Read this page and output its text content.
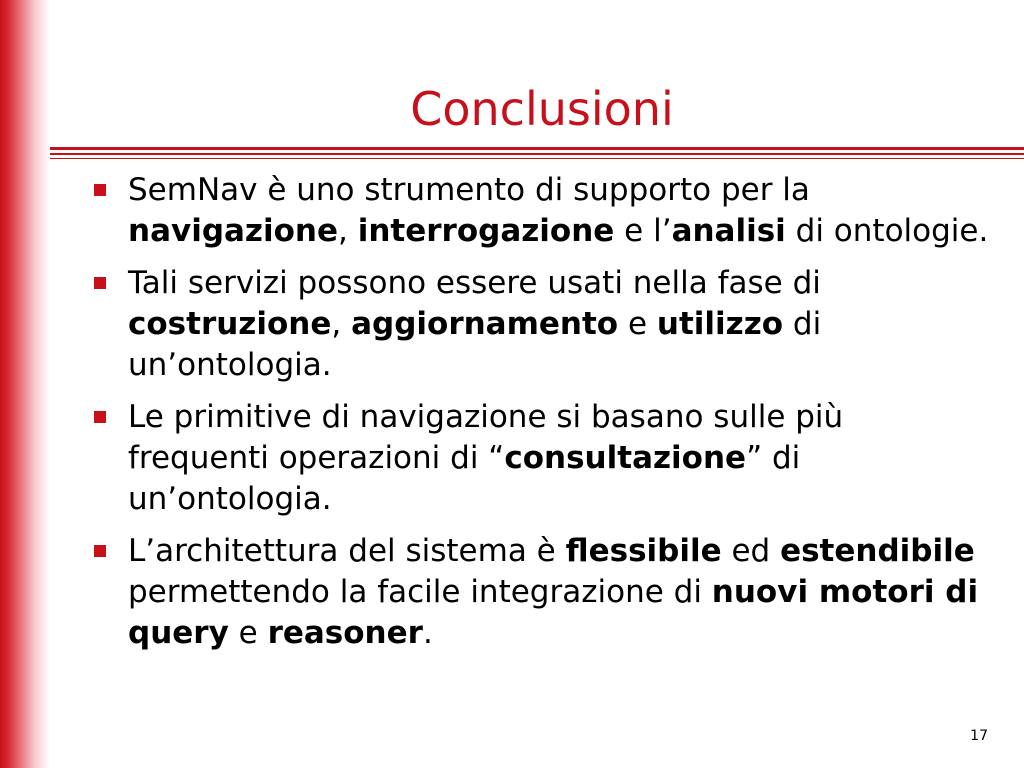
Conclusioni
SemNav è uno strumento di supporto per la navigazione, interrogazione e l’analisi di ontologie.
Tali servizi possono essere usati nella fase di costruzione, aggiornamento e utilizzo di un’ontologia.
Le primitive di navigazione si basano sulle più frequenti operazioni di “consultazione” di un’ontologia.
L’architettura del sistema è flessibile ed estendibile permettendo la facile integrazione di nuovi motori di query e reasoner.
17
